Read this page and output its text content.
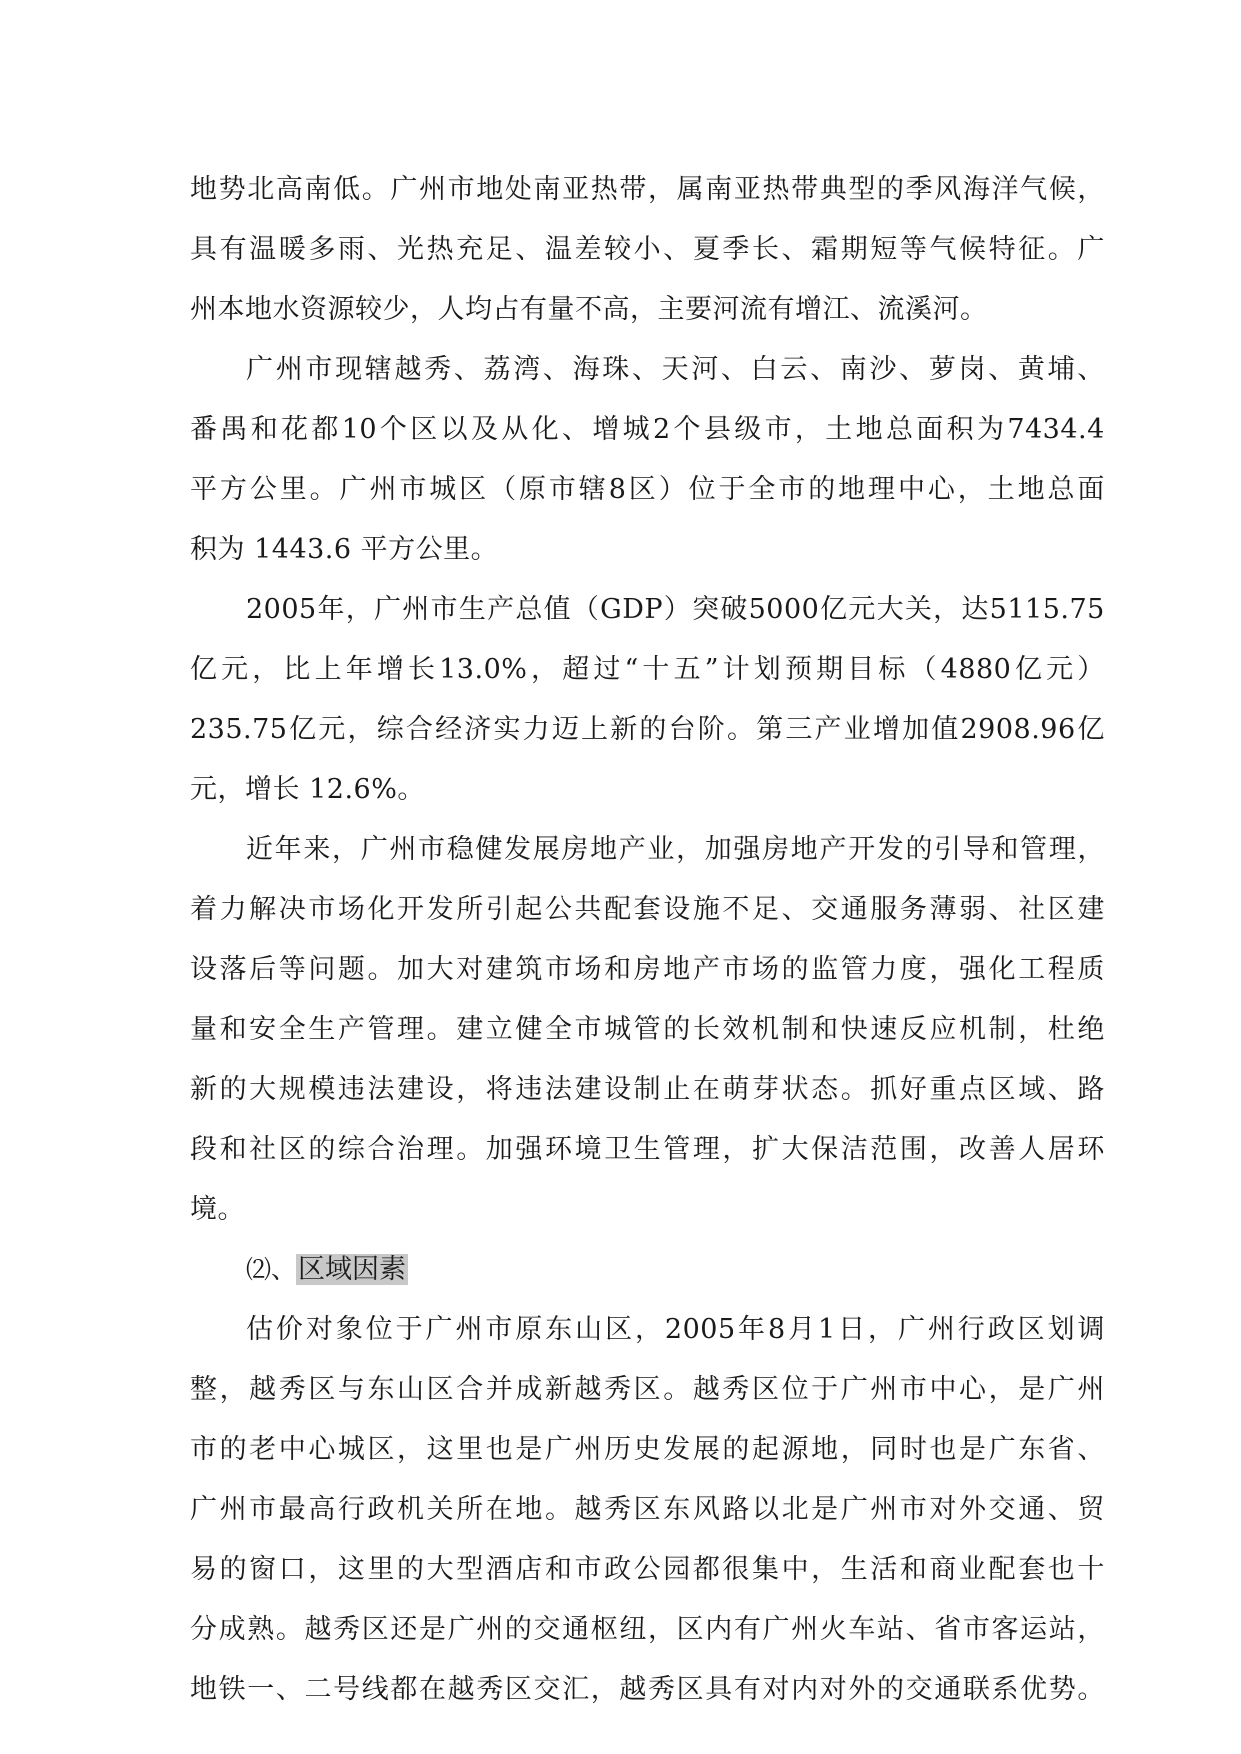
地 势 北 高 南 低 。 广 州 市 地 处 南 亚 热 带 ， 属 南 亚 热 带 典 型 的 季 风 海 洋 气 候 ，
具 有 温 暖 多 雨 、 光 热 充 足 、 温 差 较 小 、 夏 季 长 、 霜 期 短 等 气 候 特 征 。 广
州本地水资源较少，人均占有量不高，主要河流有增江、流溪河。
广 州 市 现 辖 越 秀 、 荔 湾 、 海 珠 、 天 河 、 白 云 、 南 沙 、 萝 岗 、 黄 埔 、
番 禺 和 花 都 10 个 区 以 及 从 化 、 增 城 2 个 县 级 市 ， 土 地 总 面 积 为 7434.4
平 方 公 里 。 广 州 市 城 区 （ 原 市 辖 8 区 ） 位 于 全 市 的 地 理 中 心 ， 土 地 总 面
积为 1443.6 平方公里。
2005 年 ， 广 州 市 生 产 总 值 （ GDP ） 突 破 5000 亿 元 大 关 ， 达 5115.75
亿 元 ， 比 上 年 增 长 13.0% ， 超 过 “ 十 五 ” 计 划 预 期 目 标 （ 4880 亿 元 ）
235.75 亿 元 ， 综 合 经 济 实 力 迈 上 新 的 台 阶 。 第 三 产 业 增 加 值 2908.96 亿
元，增长 12.6%。
近 年 来 ， 广 州 市 稳 健 发 展 房 地 产 业 ， 加 强 房 地 产 开 发 的 引 导 和 管 理 ，
着 力 解 决 市 场 化 开 发 所 引 起 公 共 配 套 设 施 不 足 、 交 通 服 务 薄 弱 、 社 区 建
设 落 后 等 问 题 。 加 大 对 建 筑 市 场 和 房 地 产 市 场 的 监 管 力 度 ， 强 化 工 程 质
量 和 安 全 生 产 管 理 。 建 立 健 全 市 城 管 的 长 效 机 制 和 快 速 反 应 机 制 ， 杜 绝
新 的 大 规 模 违 法 建 设 ， 将 违 法 建 设 制 止 在 萌 芽 状 态 。 抓 好 重 点 区 域 、 路
段 和 社 区 的 综 合 治 理 。 加 强 环 境 卫 生 管 理 ， 扩 大 保 洁 范 围 ， 改 善 人 居 环
境。
⑵、区域因素
估 价 对 象 位 于 广 州 市 原 东 山 区 ， 2005 年 8 月 1 日 ， 广 州 行 政 区 划 调
整 ， 越 秀 区 与 东 山 区 合 并 成 新 越 秀 区 。 越 秀 区 位 于 广 州 市 中 心 ， 是 广 州
市 的 老 中 心 城 区 ， 这 里 也 是 广 州 历 史 发 展 的 起 源 地 ， 同 时 也 是 广 东 省 、
广 州 市 最 高 行 政 机 关 所 在 地 。 越 秀 区 东 风 路 以 北 是 广 州 市 对 外 交 通 、 贸
易 的 窗 口 ， 这 里 的 大 型 酒 店 和 市 政 公 园 都 很 集 中 ， 生 活 和 商 业 配 套 也 十
分 成 熟 。 越 秀 区 还 是 广 州 的 交 通 枢 纽 ， 区 内 有 广 州 火 车 站 、 省 市 客 运 站 ，
地 铁 一 、 二 号 线 都 在 越 秀 区 交 汇 ， 越 秀 区 具 有 对 内 对 外 的 交 通 联 系 优 势 。
